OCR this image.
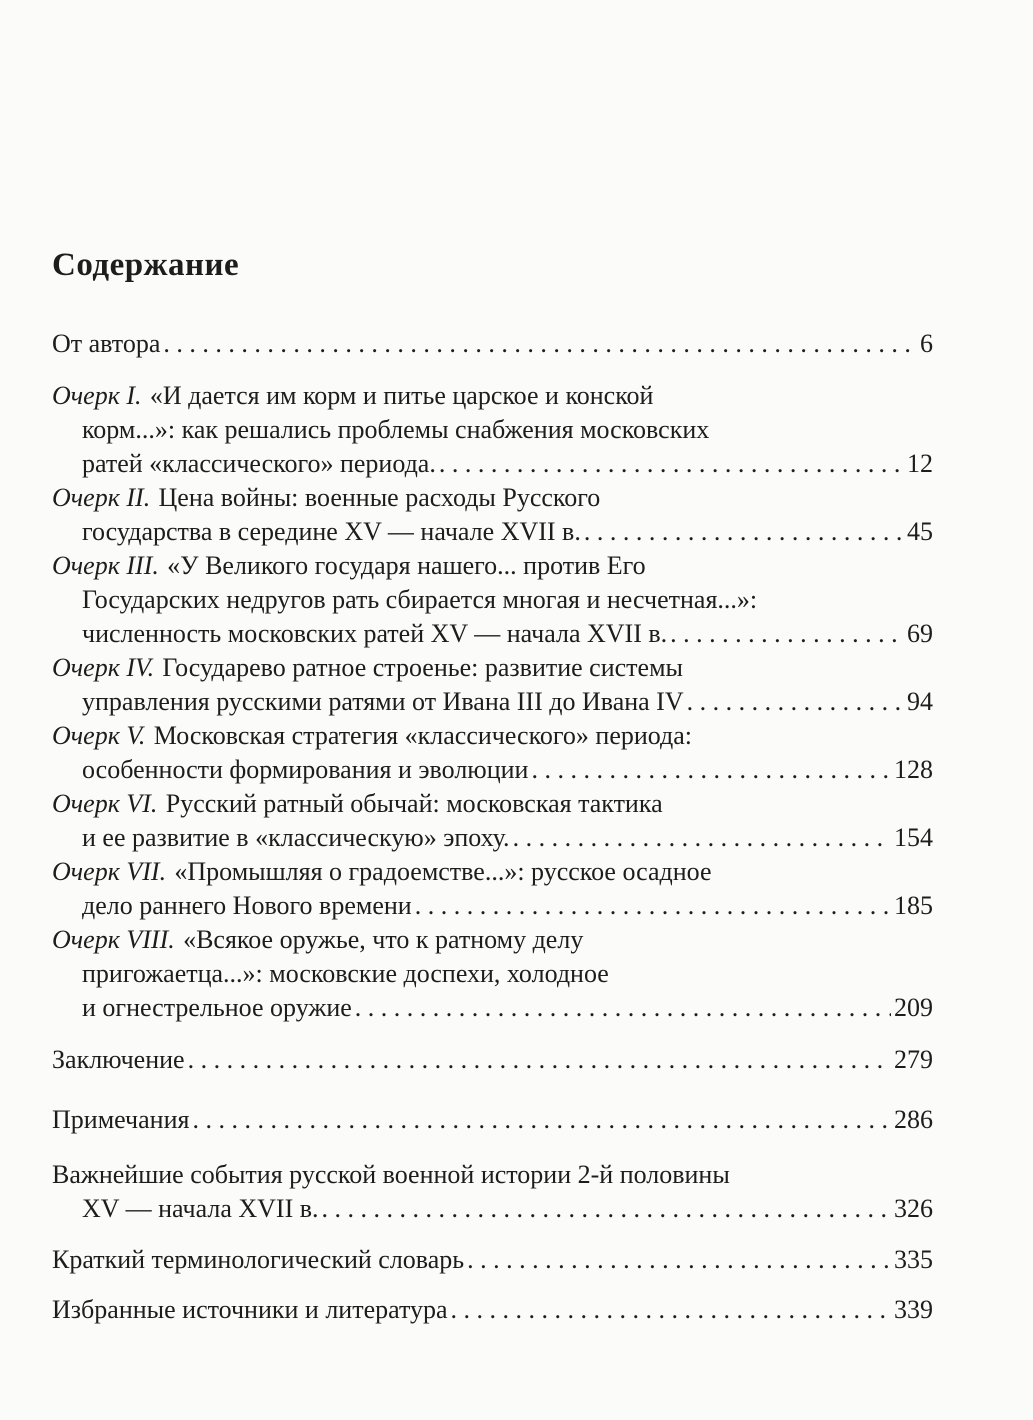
Содержание
От автора . . .	6
Очерк I. «И дается им корм и питье царское и конской
корм...»: как решались проблемы снабжения московских
ратей «классического» периода. . . .	12
Очерк II. Цена войны: военные расходы Русского
государства в середине XV — начале XVII в. . . .	45
Очерк III. «У Великого государя нашего... против Его
Государских недругов рать сбирается многая и несчетная...»:
численность московских ратей XV — начала XVII в. . . .	69
Очерк IV. Государево ратное строенье: развитие системы
управления русскими ратями от Ивана III до Ивана IV . . .	94
Очерк V. Московская стратегия «классического» периода:
особенности формирования и эволюции . . .	128
Очерк VI. Русский ратный обычай: московская тактика
и ее развитие в «классическую» эпоху. . . .	154
Очерк VII. «Промышляя о градоемстве...»: русское осадное
дело раннего Нового времени . . .	185
Очерк VIII. «Всякое оружье, что к ратному делу
пригожаетца...»: московские доспехи, холодное
и огнестрельное оружие . . .	209
Заключение . . .	279
Примечания . . .	286
Важнейшие события русской военной истории 2-й половины
XV — начала XVII в. . . .	326
Краткий терминологический словарь . . .	335
Избранные источники и литература . . .	339
